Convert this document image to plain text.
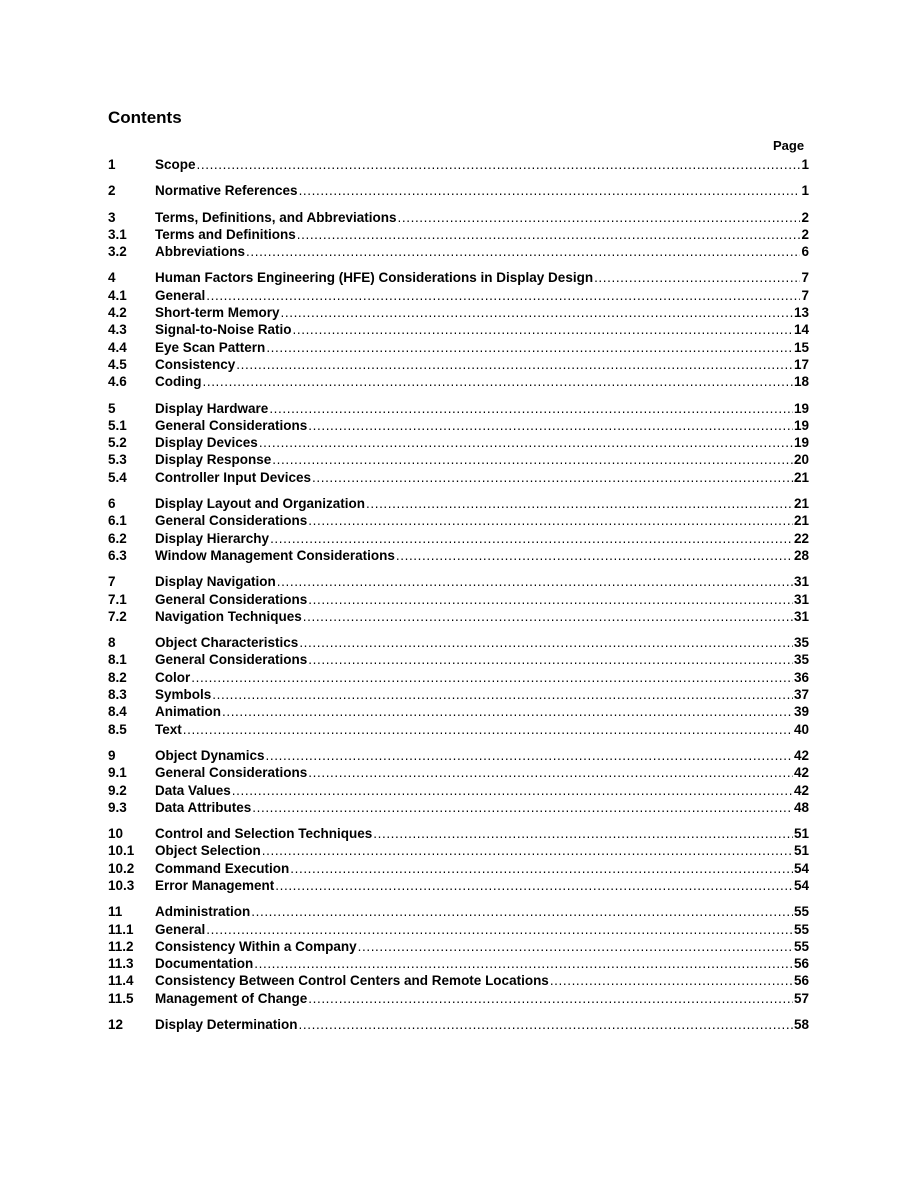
Contents
Page
1	Scope .....	1
2	Normative References .....	1
3	Terms, Definitions, and Abbreviations .....	2
3.1	Terms and Definitions .....	2
3.2	Abbreviations .....	6
4	Human Factors Engineering (HFE) Considerations in Display Design .....	7
4.1	General .....	7
4.2	Short-term Memory .....	13
4.3	Signal-to-Noise Ratio .....	14
4.4	Eye Scan Pattern .....	15
4.5	Consistency .....	17
4.6	Coding .....	18
5	Display Hardware .....	19
5.1	General Considerations .....	19
5.2	Display Devices .....	19
5.3	Display Response .....	20
5.4	Controller Input Devices .....	21
6	Display Layout and Organization .....	21
6.1	General Considerations .....	21
6.2	Display Hierarchy .....	22
6.3	Window Management Considerations .....	28
7	Display Navigation .....	31
7.1	General Considerations .....	31
7.2	Navigation Techniques .....	31
8	Object Characteristics .....	35
8.1	General Considerations .....	35
8.2	Color .....	36
8.3	Symbols .....	37
8.4	Animation .....	39
8.5	Text .....	40
9	Object Dynamics .....	42
9.1	General Considerations .....	42
9.2	Data Values .....	42
9.3	Data Attributes .....	48
10	Control and Selection Techniques .....	51
10.1	Object Selection .....	51
10.2	Command Execution .....	54
10.3	Error Management .....	54
11	Administration .....	55
11.1	General .....	55
11.2	Consistency Within a Company .....	55
11.3	Documentation .....	56
11.4	Consistency Between Control Centers and Remote Locations .....	56
11.5	Management of Change .....	57
12	Display Determination .....	58
